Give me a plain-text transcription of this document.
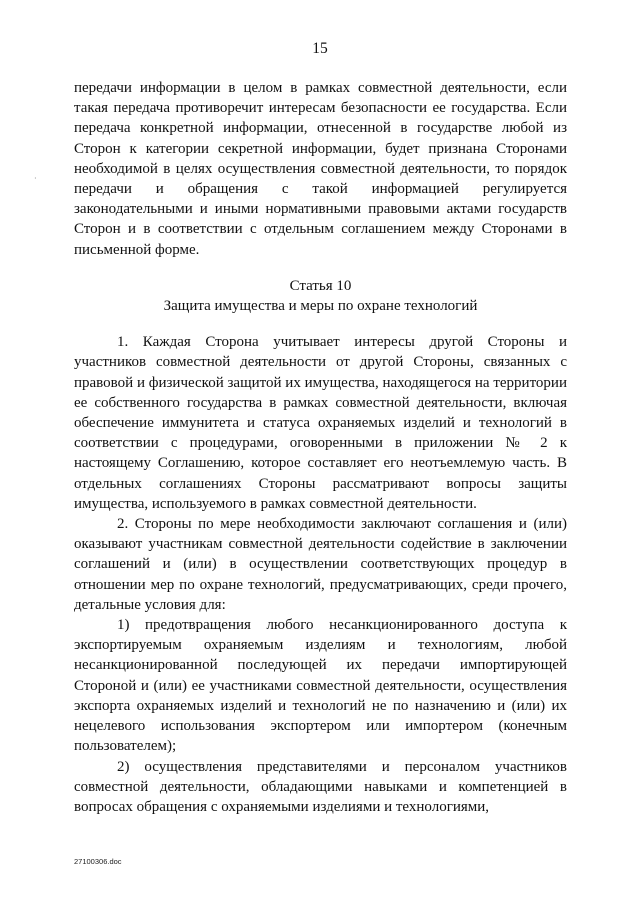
15
·

передачи информации в целом в рамках совместной деятельности, если такая передача противоречит интересам безопасности ее государства. Если передача конкретной информации, отнесенной в государстве любой из Сторон к категории секретной информации, будет признана Сторонами необходимой в целях осуществления совместной деятельности, то порядок передачи и обращения с такой информацией регулируется законодательными и иными нормативными правовыми актами государств Сторон и в соответствии с отдельным соглашением между Сторонами в письменной форме.

Статья 10

Защита имущества и меры по охране технологий

1. Каждая Сторона учитывает интересы другой Стороны и участников совместной деятельности от другой Стороны, связанных с правовой и физической защитой их имущества, находящегося на территории ее собственного государства в рамках совместной деятельности, включая обеспечение иммунитета и статуса охраняемых изделий и технологий в соответствии с процедурами, оговоренными в приложении № 2 к настоящему Соглашению, которое составляет его неотъемлемую часть. В отдельных соглашениях Стороны рассматривают вопросы защиты имущества, используемого в рамках совместной деятельности.

2. Стороны по мере необходимости заключают соглашения и (или) оказывают участникам совместной деятельности содействие в заключении соглашений и (или) в осуществлении соответствующих процедур в отношении мер по охране технологий, предусматривающих, среди прочего, детальные условия для:

1) предотвращения любого несанкционированного доступа к экспортируемым охраняемым изделиям и технологиям, любой несанкционированной последующей их передачи импортирующей Стороной и (или) ее участниками совместной деятельности, осуществления экспорта охраняемых изделий и технологий не по назначению и (или) их нецелевого использования экспортером или импортером (конечным пользователем);

2) осуществления представителями и персоналом участников совместной деятельности, обладающими навыками и компетенцией в вопросах обращения с охраняемыми изделиями и технологиями,

27100306.doc
